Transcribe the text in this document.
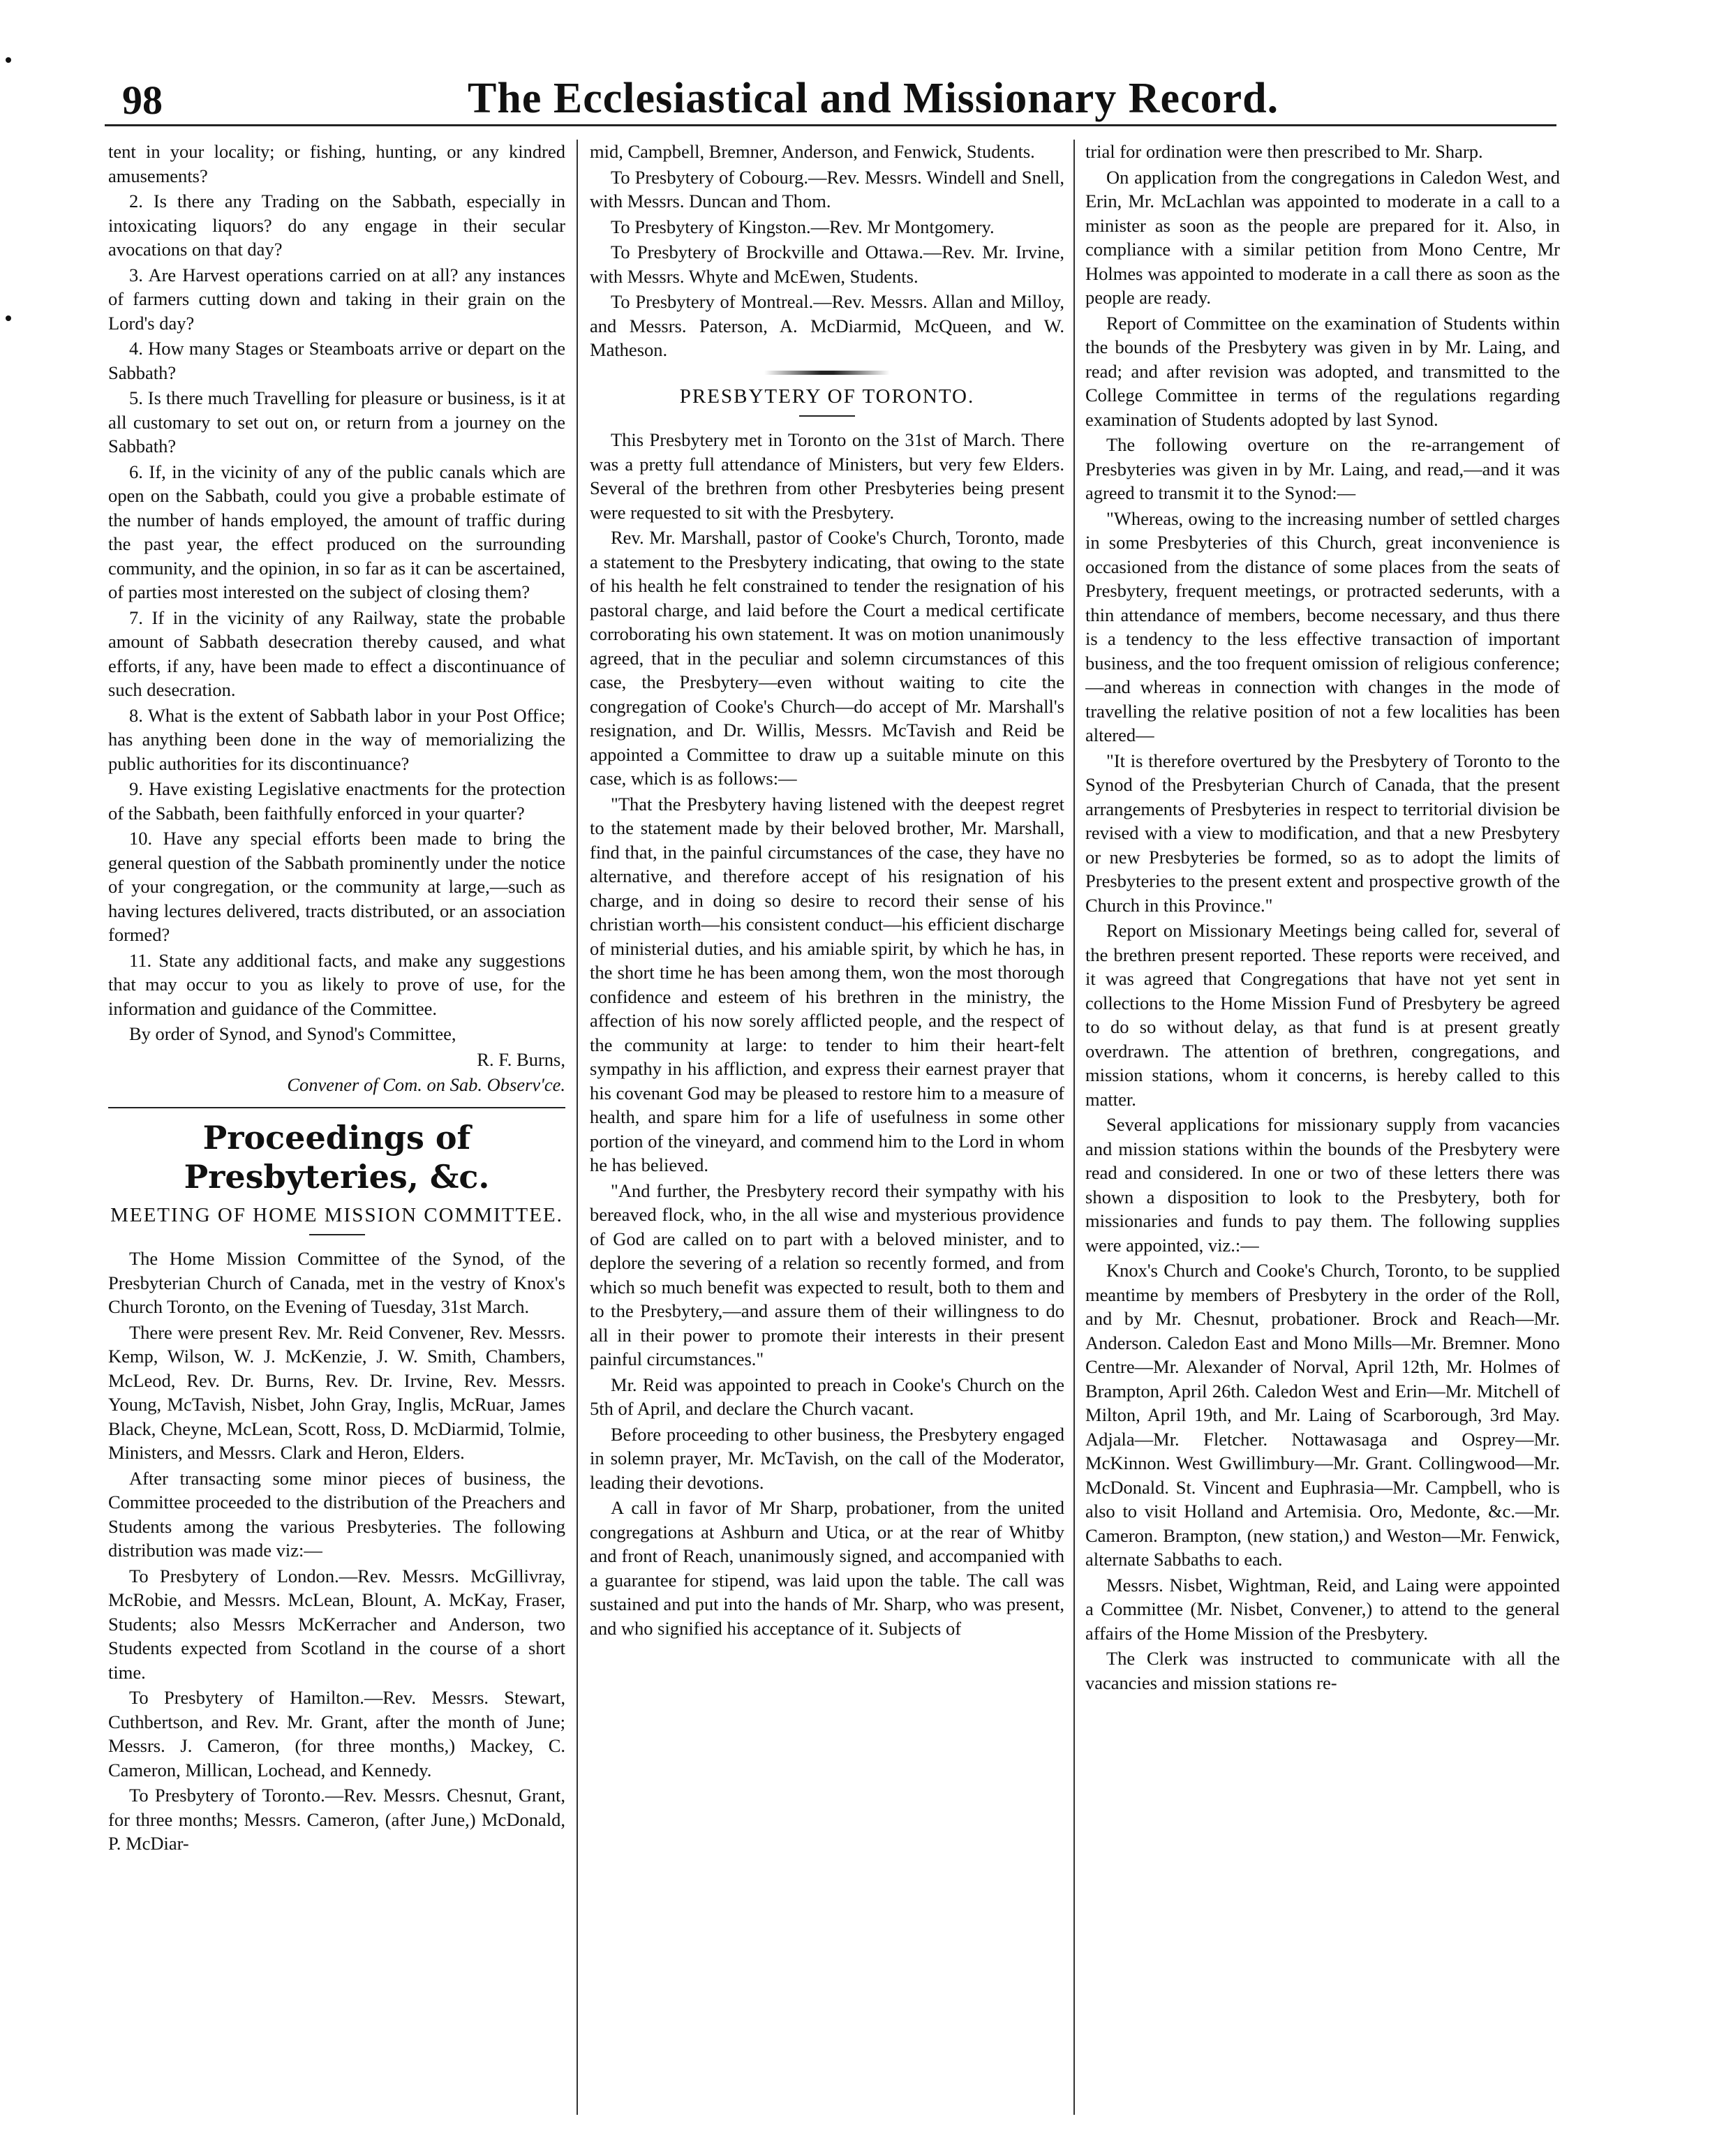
98	The Ecclesiastical and Missionary Record.

tent in your locality; or fishing, hunting, or any kindred amusements?

2. Is there any Trading on the Sabbath, especially in intoxicating liquors? do any engage in their secular avocations on that day?

3. Are Harvest operations carried on at all? any instances of farmers cutting down and taking in their grain on the Lord's day?

4. How many Stages or Steamboats arrive or depart on the Sabbath?

5. Is there much Travelling for pleasure or business, is it at all customary to set out on, or return from a journey on the Sabbath?

6. If, in the vicinity of any of the public canals which are open on the Sabbath, could you give a probable estimate of the number of hands employed, the amount of traffic during the past year, the effect produced on the surrounding community, and the opinion, in so far as it can be ascertained, of parties most interested on the subject of closing them?

7. If in the vicinity of any Railway, state the probable amount of Sabbath desecration thereby caused, and what efforts, if any, have been made to effect a discontinuance of such desecration.

8. What is the extent of Sabbath labor in your Post Office; has anything been done in the way of memorializing the public authorities for its discontinuance?

9. Have existing Legislative enactments for the protection of the Sabbath, been faithfully enforced in your quarter?

10. Have any special efforts been made to bring the general question of the Sabbath prominently under the notice of your congregation, or the community at large,—such as having lectures delivered, tracts distributed, or an association formed?

11. State any additional facts, and make any suggestions that may occur to you as likely to prove of use, for the information and guidance of the Committee.

By order of Synod, and Synod's Committee,

R. F. Burns,

Convener of Com. on Sab. Observ'ce.

Proceedings of Presbyteries, &c.
MEETING OF HOME MISSION COMMITTEE.

The Home Mission Committee of the Synod, of the Presbyterian Church of Canada, met in the vestry of Knox's Church Toronto, on the Evening of Tuesday, 31st March.

There were present Rev. Mr. Reid Convener, Rev. Messrs. Kemp, Wilson, W. J. McKenzie, J. W. Smith, Chambers, McLeod, Rev. Dr. Burns, Rev. Dr. Irvine, Rev. Messrs. Young, McTavish, Nisbet, John Gray, Inglis, McRuar, James Black, Cheyne, McLean, Scott, Ross, D. McDiarmid, Tolmie, Ministers, and Messrs. Clark and Heron, Elders.

After transacting some minor pieces of business, the Committee proceeded to the distribution of the Preachers and Students among the various Presbyteries. The following distribution was made viz:—

To Presbytery of London.—Rev. Messrs. McGillivray, McRobie, and Messrs. McLean, Blount, A. McKay, Fraser, Students; also Messrs McKerracher and Anderson, two Students expected from Scotland in the course of a short time.

To Presbytery of Hamilton.—Rev. Messrs. Stewart, Cuthbertson, and Rev. Mr. Grant, after the month of June; Messrs. J. Cameron, (for three months,) Mackey, C. Cameron, Millican, Lochead, and Kennedy.

To Presbytery of Toronto.—Rev. Messrs. Chesnut, Grant, for three months; Messrs. Cameron, (after June,) McDonald, P. McDiar-

mid, Campbell, Bremner, Anderson, and Fenwick, Students.

To Presbytery of Cobourg.—Rev. Messrs. Windell and Snell, with Messrs. Duncan and Thom.

To Presbytery of Kingston.—Rev. Mr Montgomery.

To Presbytery of Brockville and Ottawa.—Rev. Mr. Irvine, with Messrs. Whyte and McEwen, Students.

To Presbytery of Montreal.—Rev. Messrs. Allan and Milloy, and Messrs. Paterson, A. McDiarmid, McQueen, and W. Matheson.

PRESBYTERY OF TORONTO.

This Presbytery met in Toronto on the 31st of March. There was a pretty full attendance of Ministers, but very few Elders. Several of the brethren from other Presbyteries being present were requested to sit with the Presbytery.

Rev. Mr. Marshall, pastor of Cooke's Church, Toronto, made a statement to the Presbytery indicating, that owing to the state of his health he felt constrained to tender the resignation of his pastoral charge, and laid before the Court a medical certificate corroborating his own statement. It was on motion unanimously agreed, that in the peculiar and solemn circumstances of this case, the Presbytery—even without waiting to cite the congregation of Cooke's Church—do accept of Mr. Marshall's resignation, and Dr. Willis, Messrs. McTavish and Reid be appointed a Committee to draw up a suitable minute on this case, which is as follows:—

"That the Presbytery having listened with the deepest regret to the statement made by their beloved brother, Mr. Marshall, find that, in the painful circumstances of the case, they have no alternative, and therefore accept of his resignation of his charge, and in doing so desire to record their sense of his christian worth—his consistent conduct—his efficient discharge of ministerial duties, and his amiable spirit, by which he has, in the short time he has been among them, won the most thorough confidence and esteem of his brethren in the ministry, the affection of his now sorely afflicted people, and the respect of the community at large: to tender to him their heart-felt sympathy in his affliction, and express their earnest prayer that his covenant God may be pleased to restore him to a measure of health, and spare him for a life of usefulness in some other portion of the vineyard, and commend him to the Lord in whom he has believed.

"And further, the Presbytery record their sympathy with his bereaved flock, who, in the all wise and mysterious providence of God are called on to part with a beloved minister, and to deplore the severing of a relation so recently formed, and from which so much benefit was expected to result, both to them and to the Presbytery,—and assure them of their willingness to do all in their power to promote their interests in their present painful circumstances."

Mr. Reid was appointed to preach in Cooke's Church on the 5th of April, and declare the Church vacant.

Before proceeding to other business, the Presbytery engaged in solemn prayer, Mr. McTavish, on the call of the Moderator, leading their devotions.

A call in favor of Mr Sharp, probationer, from the united congregations at Ashburn and Utica, or at the rear of Whitby and front of Reach, unanimously signed, and accompanied with a guarantee for stipend, was laid upon the table. The call was sustained and put into the hands of Mr. Sharp, who was present, and who signified his acceptance of it. Subjects of

trial for ordination were then prescribed to Mr. Sharp.

On application from the congregations in Caledon West, and Erin, Mr. McLachlan was appointed to moderate in a call to a minister as soon as the people are prepared for it. Also, in compliance with a similar petition from Mono Centre, Mr Holmes was appointed to moderate in a call there as soon as the people are ready.

Report of Committee on the examination of Students within the bounds of the Presbytery was given in by Mr. Laing, and read; and after revision was adopted, and transmitted to the College Committee in terms of the regulations regarding examination of Students adopted by last Synod.

The following overture on the re-arrangement of Presbyteries was given in by Mr. Laing, and read,—and it was agreed to transmit it to the Synod:—

"Whereas, owing to the increasing number of settled charges in some Presbyteries of this Church, great inconvenience is occasioned from the distance of some places from the seats of Presbytery, frequent meetings, or protracted sederunts, with a thin attendance of members, become necessary, and thus there is a tendency to the less effective transaction of important business, and the too frequent omission of religious conference;—and whereas in connection with changes in the mode of travelling the relative position of not a few localities has been altered—

"It is therefore overtured by the Presbytery of Toronto to the Synod of the Presbyterian Church of Canada, that the present arrangements of Presbyteries in respect to territorial division be revised with a view to modification, and that a new Presbytery or new Presbyteries be formed, so as to adopt the limits of Presbyteries to the present extent and prospective growth of the Church in this Province."

Report on Missionary Meetings being called for, several of the brethren present reported. These reports were received, and it was agreed that Congregations that have not yet sent in collections to the Home Mission Fund of Presbytery be agreed to do so without delay, as that fund is at present greatly overdrawn. The attention of brethren, congregations, and mission stations, whom it concerns, is hereby called to this matter.

Several applications for missionary supply from vacancies and mission stations within the bounds of the Presbytery were read and considered. In one or two of these letters there was shown a disposition to look to the Presbytery, both for missionaries and funds to pay them. The following supplies were appointed, viz.:—

Knox's Church and Cooke's Church, Toronto, to be supplied meantime by members of Presbytery in the order of the Roll, and by Mr. Chesnut, probationer. Brock and Reach—Mr. Anderson. Caledon East and Mono Mills—Mr. Bremner. Mono Centre—Mr. Alexander of Norval, April 12th, Mr. Holmes of Brampton, April 26th. Caledon West and Erin—Mr. Mitchell of Milton, April 19th, and Mr. Laing of Scarborough, 3rd May. Adjala—Mr. Fletcher. Nottawasaga and Osprey—Mr. McKinnon. West Gwillimbury—Mr. Grant. Collingwood—Mr. McDonald. St. Vincent and Euphrasia—Mr. Campbell, who is also to visit Holland and Artemisia. Oro, Medonte, &c.—Mr. Cameron. Brampton, (new station,) and Weston—Mr. Fenwick, alternate Sabbaths to each.

Messrs. Nisbet, Wightman, Reid, and Laing were appointed a Committee (Mr. Nisbet, Convener,) to attend to the general affairs of the Home Mission of the Presbytery.

The Clerk was instructed to communicate with all the vacancies and mission stations re-
